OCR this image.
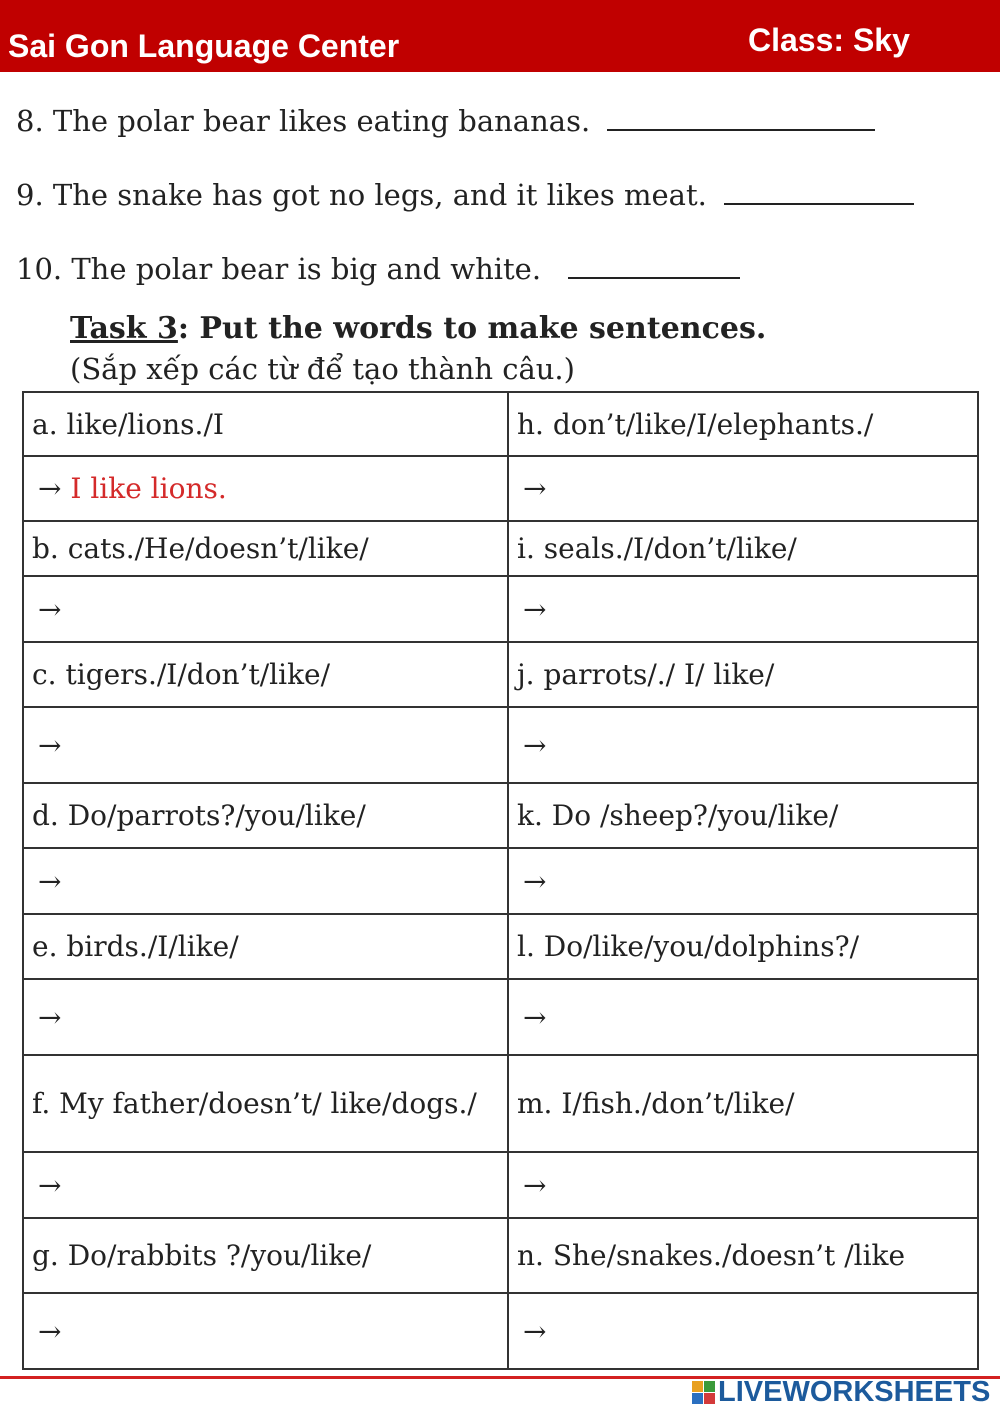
Sai Gon Language Center	Class: Sky
8. The polar bear likes eating bananas.
9. The snake has got no legs, and it likes meat.
10. The polar bear is big and white.
Task 3: Put the words to make sentences.
(Sắp xếp các từ để tạo thành câu.)
a. like/lions./I	h. don’t/like/I/elephants./
→ I like lions.	→
b. cats./He/doesn’t/like/	i. seals./I/don’t/like/
→	→
c. tigers./I/don’t/like/	j. parrots/./ I/ like/
→	→
d. Do/parrots?/you/like/	k. Do /sheep?/you/like/
→	→
e. birds./I/like/	l. Do/like/you/dolphins?/
→	→
f. My father/doesn’t/ like/dogs./	m. I/fish./don’t/like/
→	→
g. Do/rabbits ?/you/like/	n. She/snakes./doesn’t /like
→	→
LIVEWORKSHEETS
